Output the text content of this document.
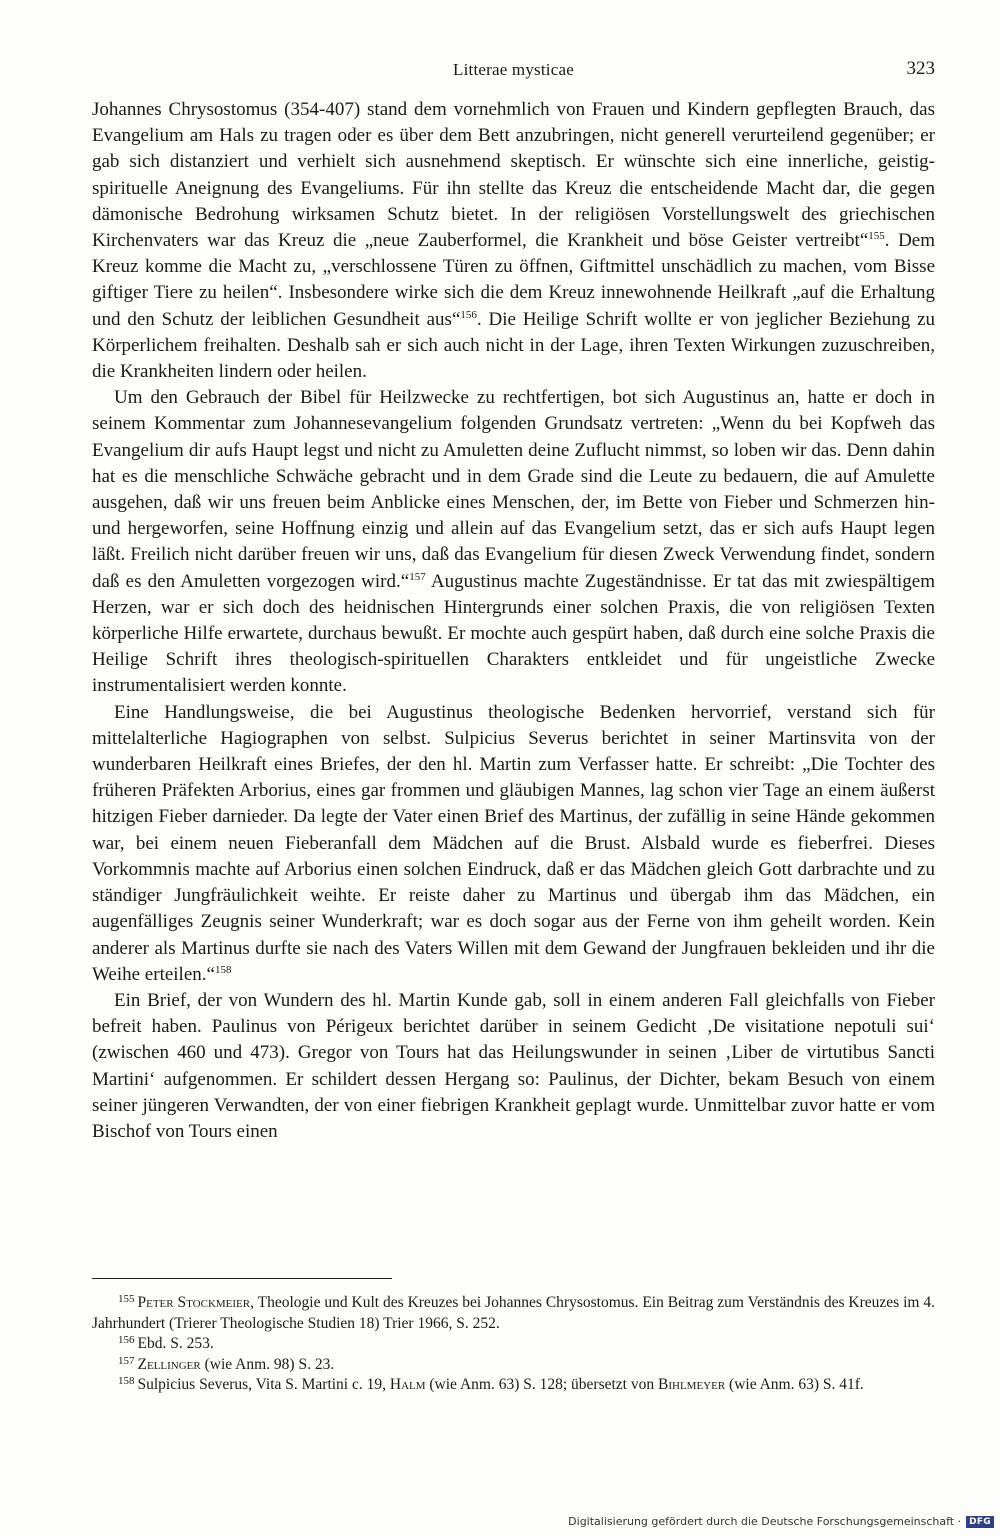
Litterae mysticae	323

Johannes Chrysostomus (354-407) stand dem vornehmlich von Frauen und Kindern gepflegten Brauch, das Evangelium am Hals zu tragen oder es über dem Bett anzubringen, nicht generell verurteilend gegenüber; er gab sich distanziert und verhielt sich ausnehmend skeptisch. Er wünschte sich eine innerliche, geistig-spirituelle Aneignung des Evangeliums. Für ihn stellte das Kreuz die entscheidende Macht dar, die gegen dämonische Bedrohung wirksamen Schutz bietet. In der religiösen Vorstellungswelt des griechischen Kirchenvaters war das Kreuz die „neue Zauberformel, die Krankheit und böse Geister vertreibt“$^{155}$. Dem Kreuz komme die Macht zu, „verschlossene Türen zu öffnen, Giftmittel unschädlich zu machen, vom Bisse giftiger Tiere zu heilen“. Insbesondere wirke sich die dem Kreuz innewohnende Heilkraft „auf die Erhaltung und den Schutz der leiblichen Gesundheit aus“$^{156}$. Die Heilige Schrift wollte er von jeglicher Beziehung zu Körperlichem freihalten. Deshalb sah er sich auch nicht in der Lage, ihren Texten Wirkungen zuzuschreiben, die Krankheiten lindern oder heilen.

Um den Gebrauch der Bibel für Heilzwecke zu rechtfertigen, bot sich Augustinus an, hatte er doch in seinem Kommentar zum Johannesevangelium folgenden Grundsatz vertreten: „Wenn du bei Kopfweh das Evangelium dir aufs Haupt legst und nicht zu Amuletten deine Zuflucht nimmst, so loben wir das. Denn dahin hat es die menschliche Schwäche gebracht und in dem Grade sind die Leute zu bedauern, die auf Amulette ausgehen, daß wir uns freuen beim Anblicke eines Menschen, der, im Bette von Fieber und Schmerzen hin- und hergeworfen, seine Hoffnung einzig und allein auf das Evangelium setzt, das er sich aufs Haupt legen läßt. Freilich nicht darüber freuen wir uns, daß das Evangelium für diesen Zweck Verwendung findet, sondern daß es den Amuletten vorgezogen wird.“$^{157}$ Augustinus machte Zugeständnisse. Er tat das mit zwiespältigem Herzen, war er sich doch des heidnischen Hintergrunds einer solchen Praxis, die von religiösen Texten körperliche Hilfe erwartete, durchaus bewußt. Er mochte auch gespürt haben, daß durch eine solche Praxis die Heilige Schrift ihres theologisch-spirituellen Charakters entkleidet und für ungeistliche Zwecke instrumentalisiert werden konnte.

Eine Handlungsweise, die bei Augustinus theologische Bedenken hervorrief, verstand sich für mittelalterliche Hagiographen von selbst. Sulpicius Severus berichtet in seiner Martinsvita von der wunderbaren Heilkraft eines Briefes, der den hl. Martin zum Verfasser hatte. Er schreibt: „Die Tochter des früheren Präfekten Arborius, eines gar frommen und gläubigen Mannes, lag schon vier Tage an einem äußerst hitzigen Fieber darnieder. Da legte der Vater einen Brief des Martinus, der zufällig in seine Hände gekommen war, bei einem neuen Fieberanfall dem Mädchen auf die Brust. Alsbald wurde es fieberfrei. Dieses Vorkommnis machte auf Arborius einen solchen Eindruck, daß er das Mädchen gleich Gott darbrachte und zu ständiger Jungfräulichkeit weihte. Er reiste daher zu Martinus und übergab ihm das Mädchen, ein augenfälliges Zeugnis seiner Wunderkraft; war es doch sogar aus der Ferne von ihm geheilt worden. Kein anderer als Martinus durfte sie nach des Vaters Willen mit dem Gewand der Jungfrauen bekleiden und ihr die Weihe erteilen.“$^{158}$

Ein Brief, der von Wundern des hl. Martin Kunde gab, soll in einem anderen Fall gleichfalls von Fieber befreit haben. Paulinus von Périgeux berichtet darüber in seinem Gedicht ‚De visitatione nepotuli sui‘ (zwischen 460 und 473). Gregor von Tours hat das Heilungswunder in seinen ‚Liber de virtutibus Sancti Martini‘ aufgenommen. Er schildert dessen Hergang so: Paulinus, der Dichter, bekam Besuch von einem seiner jüngeren Verwandten, der von einer fiebrigen Krankheit geplagt wurde. Unmittelbar zuvor hatte er vom Bischof von Tours einen

$^{155}$ Peter Stockmeier, Theologie und Kult des Kreuzes bei Johannes Chrysostomus. Ein Beitrag zum Verständnis des Kreuzes im 4. Jahrhundert (Trierer Theologische Studien 18) Trier 1966, S. 252.

$^{156}$ Ebd. S. 253.

$^{157}$ Zellinger (wie Anm. 98) S. 23.

$^{158}$ Sulpicius Severus, Vita S. Martini c. 19, Halm (wie Anm. 63) S. 128; übersetzt von Bihlmeyer (wie Anm. 63) S. 41f.

Digitalisierung gefördert durch die Deutsche Forschungsgemeinschaft · DFG
